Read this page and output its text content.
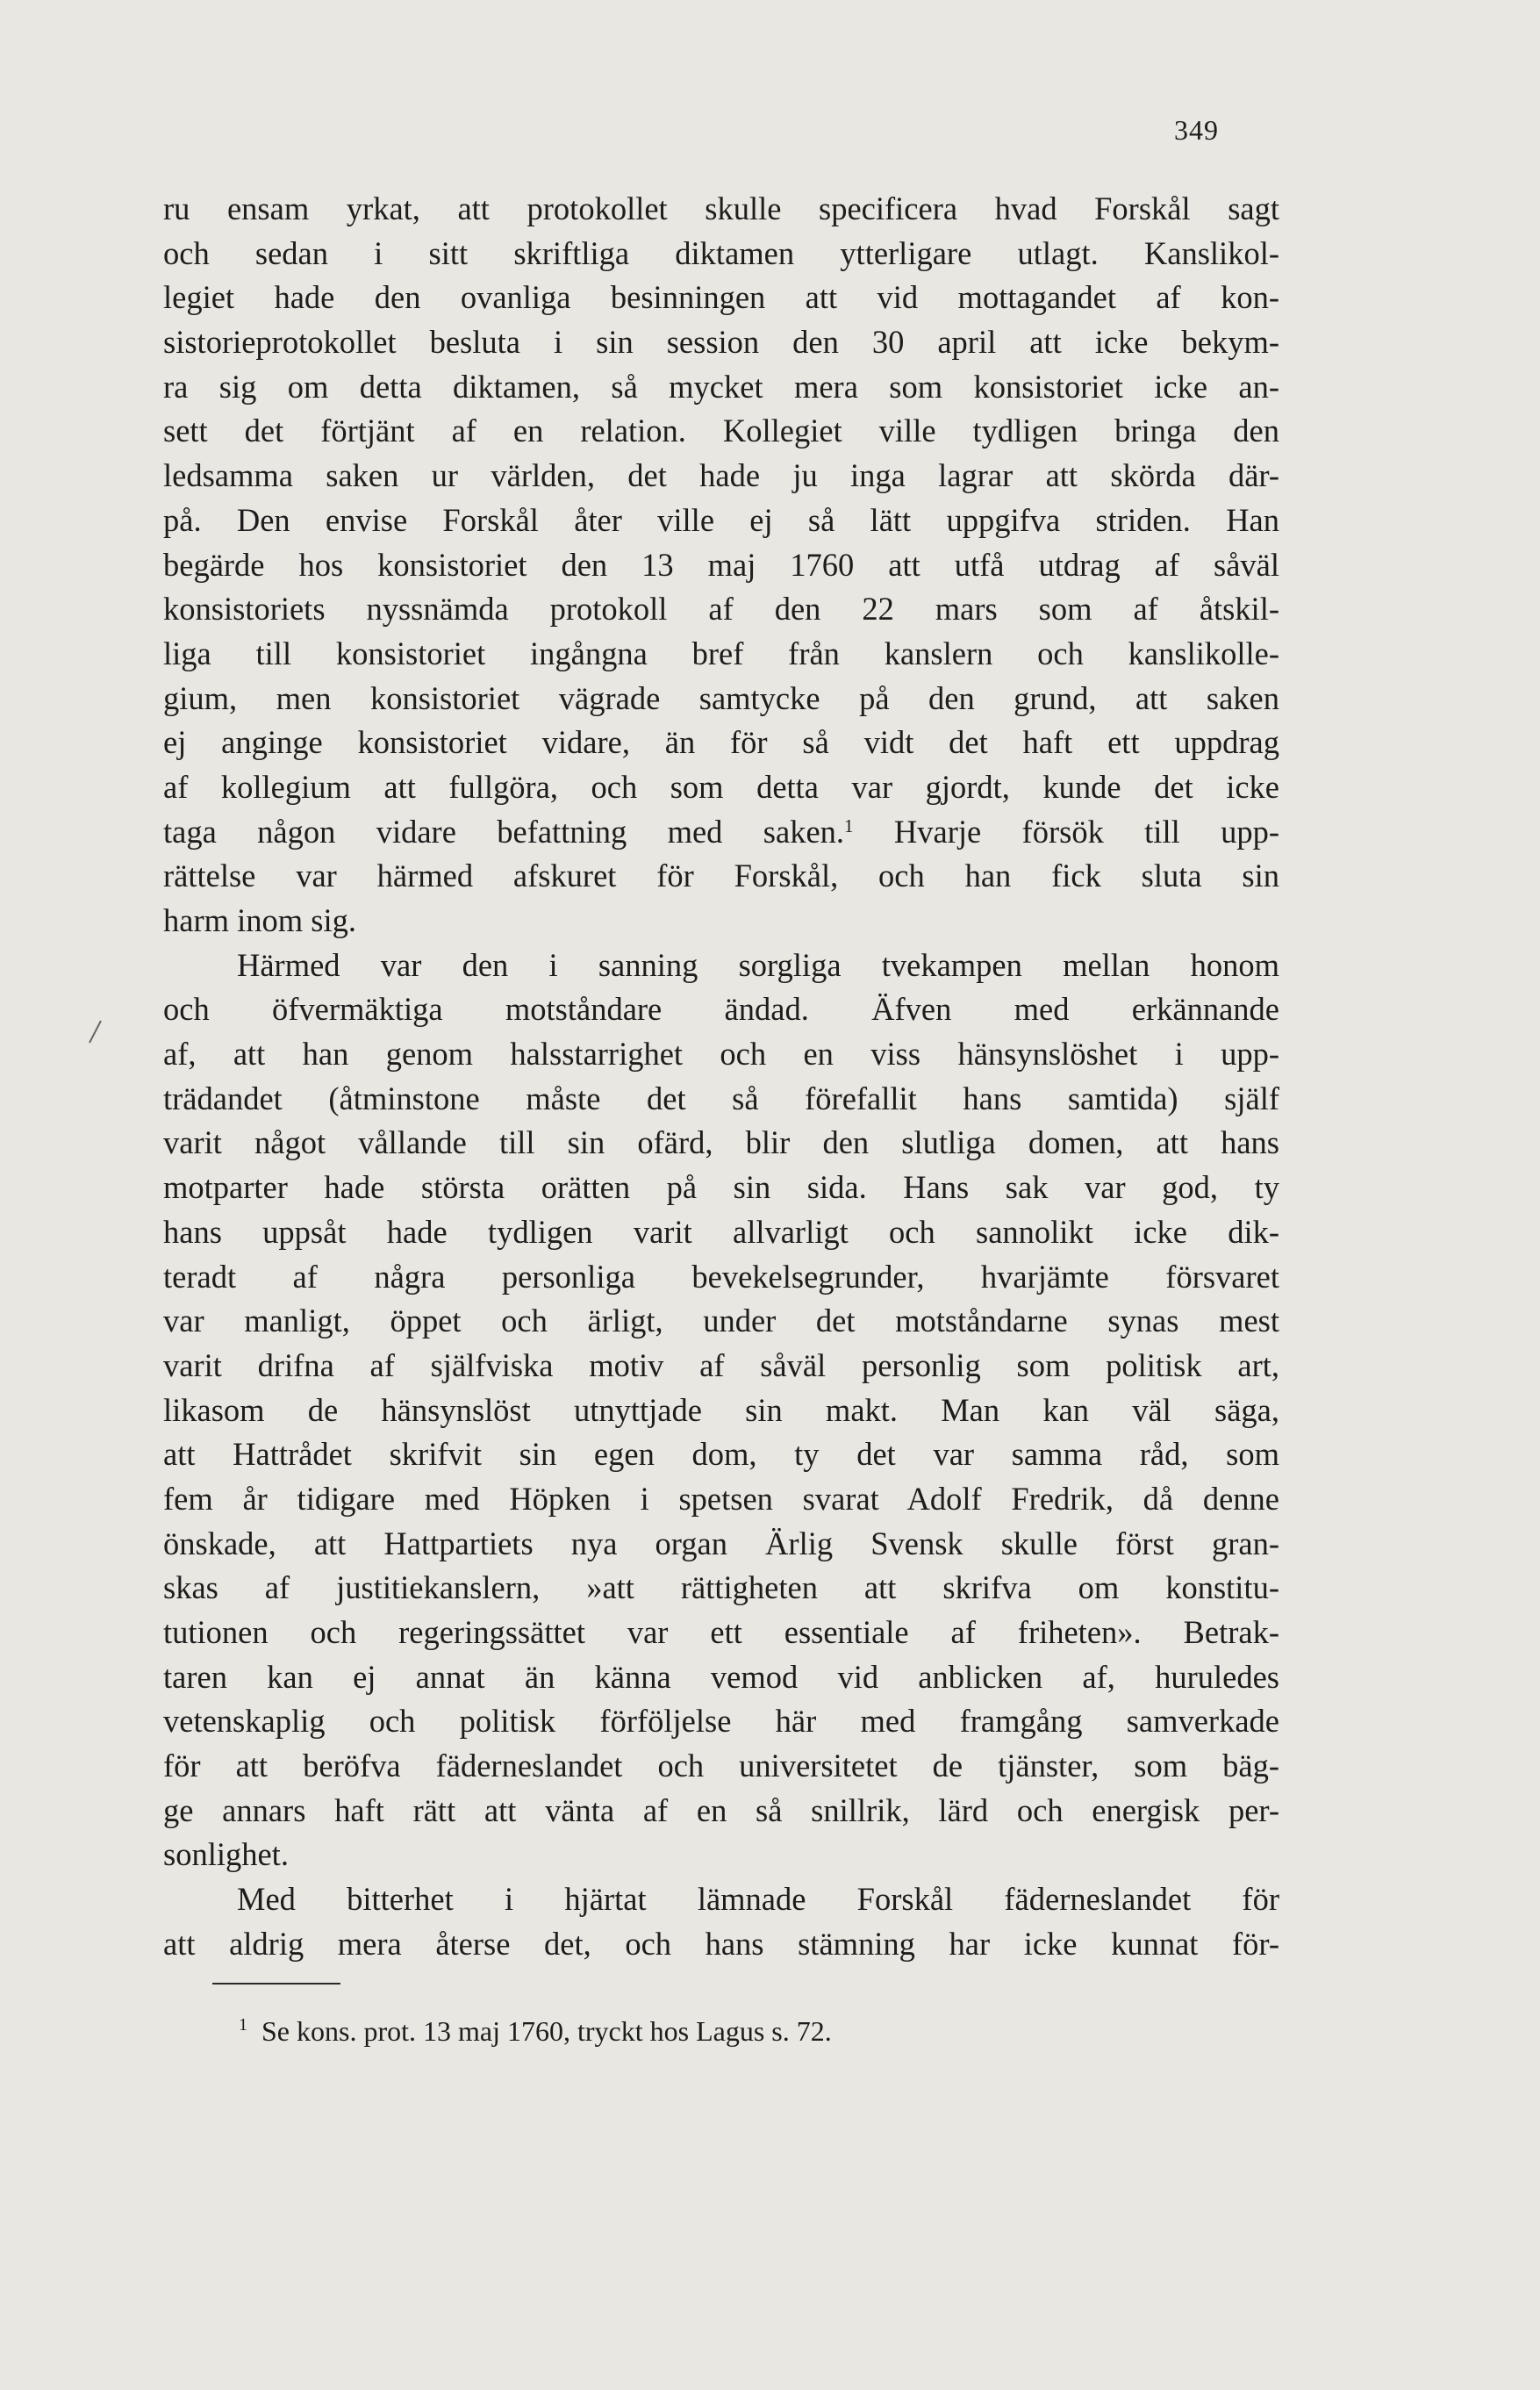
349

ru ensam yrkat, att protokollet skulle specificera hvad Forskål sagt
och sedan i sitt skriftliga diktamen ytterligare utlagt. Kanslikol-
legiet hade den ovanliga besinningen att vid mottagandet af kon-
sistorieprotokollet besluta i sin session den 30 april att icke bekym-
ra sig om detta diktamen, så mycket mera som konsistoriet icke an-
sett det förtjänt af en relation. Kollegiet ville tydligen bringa den
ledsamma saken ur världen, det hade ju inga lagrar att skörda där-
på. Den envise Forskål åter ville ej så lätt uppgifva striden. Han
begärde hos konsistoriet den 13 maj 1760 att utfå utdrag af såväl
konsistoriets nyssnämda protokoll af den 22 mars som af åtskil-
liga till konsistoriet ingångna bref från kanslern och kanslikolle-
gium, men konsistoriet vägrade samtycke på den grund, att saken
ej anginge konsistoriet vidare, än för så vidt det haft ett uppdrag
af kollegium att fullgöra, och som detta var gjordt, kunde det icke
taga någon vidare befattning med saken.$^1$ Hvarje försök till upp-
rättelse var härmed afskuret för Forskål, och han fick sluta sin
harm inom sig.
Härmed var den i sanning sorgliga tvekampen mellan honom
och öfvermäktiga motståndare ändad. Äfven med erkännande
af, att han genom halsstarrighet och en viss hänsynslöshet i upp-
trädandet (åtminstone måste det så förefallit hans samtida) själf
varit något vållande till sin ofärd, blir den slutliga domen, att hans
motparter hade största orätten på sin sida. Hans sak var god, ty
hans uppsåt hade tydligen varit allvarligt och sannolikt icke dik-
teradt af några personliga bevekelsegrunder, hvarjämte försvaret
var manligt, öppet och ärligt, under det motståndarne synas mest
varit drifna af själfviska motiv af såväl personlig som politisk art,
likasom de hänsynslöst utnyttjade sin makt. Man kan väl säga,
att Hattrådet skrifvit sin egen dom, ty det var samma råd, som
fem år tidigare med Höpken i spetsen svarat Adolf Fredrik, då denne
önskade, att Hattpartiets nya organ Ärlig Svensk skulle först gran-
skas af justitiekanslern, »att rättigheten att skrifva om konstitu-
tutionen och regeringssättet var ett essentiale af friheten». Betrak-
taren kan ej annat än känna vemod vid anblicken af, huruledes
vetenskaplig och politisk förföljelse här med framgång samverkade
för att beröfva fäderneslandet och universitetet de tjänster, som bäg-
ge annars haft rätt att vänta af en så snillrik, lärd och energisk per-
sonlighet.
Med bitterhet i hjärtat lämnade Forskål fäderneslandet för
att aldrig mera återse det, och hans stämning har icke kunnat för-

$^1$ Se kons. prot. 13 maj 1760, tryckt hos Lagus s. 72.
